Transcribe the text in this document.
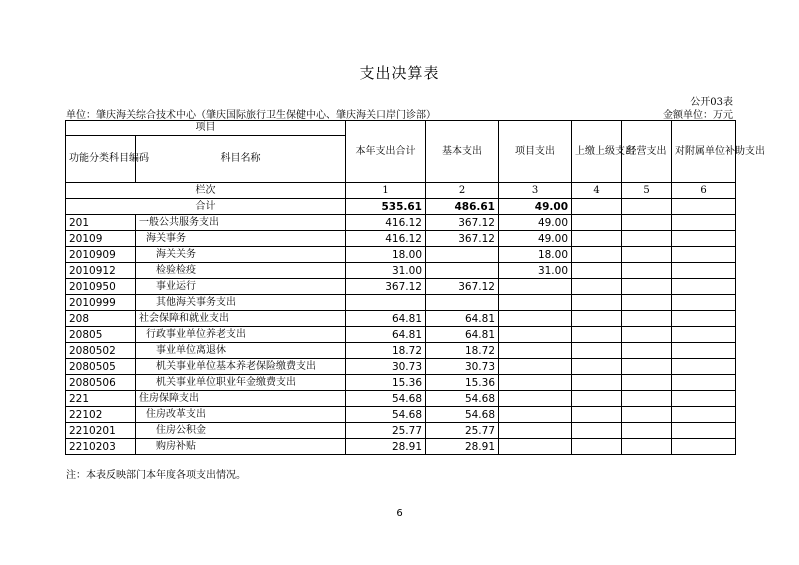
支出决算表
公开03表
单位：肇庆海关综合技术中心（肇庆国际旅行卫生保健中心、肇庆海关口岸门诊部）	金额单位：万元
项目		本年支出合计	基本支出	项目支出	上缴上级支出	经营支出	对附属单位补助支出
功能分类科目编码	科目名称						
栏次		1	2	3	4	5	6
合计		535.61	486.61	49.00			
201	一般公共服务支出	416.12	367.12	49.00			
20109	海关事务	416.12	367.12	49.00			
2010909	海关关务	18.00		18.00			
2010912	检验检疫	31.00		31.00			
2010950	事业运行	367.12	367.12				
2010999	其他海关事务支出						
208	社会保障和就业支出	64.81	64.81				
20805	行政事业单位养老支出	64.81	64.81				
2080502	事业单位离退休	18.72	18.72				
2080505	机关事业单位基本养老保险缴费支出	30.73	30.73				
2080506	机关事业单位职业年金缴费支出	15.36	15.36				
221	住房保障支出	54.68	54.68				
22102	住房改革支出	54.68	54.68				
2210201	住房公积金	25.77	25.77				
2210203	购房补贴	28.91	28.91				
注：本表反映部门本年度各项支出情况。
6
